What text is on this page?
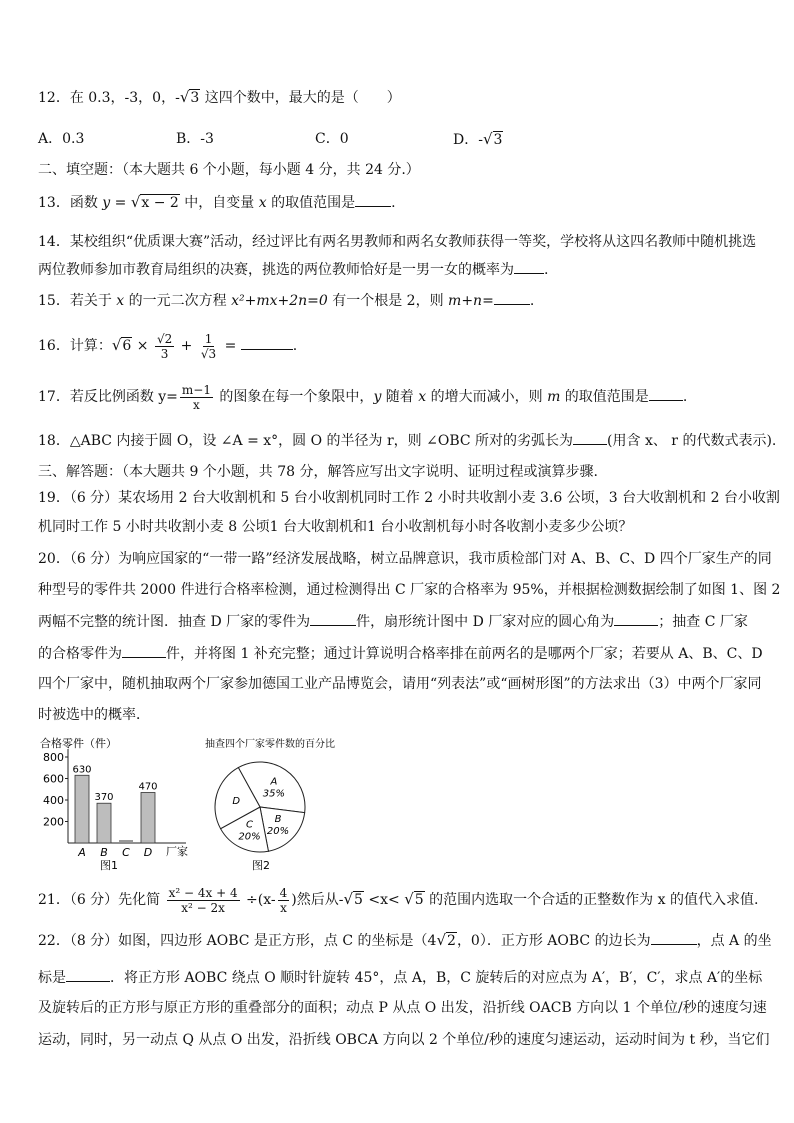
12．在 0.3，-3，0，-√3 这四个数中，最大的是（　　）
A．0.3	B．-3	C．0	D．-√3
二、填空题：（本大题共 6 个小题，每小题 4 分，共 24 分.）
13．函数 y = √x − 2 中，自变量 x 的取值范围是	.
14．某校组织“优质课大赛”活动，经过评比有两名男教师和两名女教师获得一等奖，学校将从这四名教师中随机挑选
两位教师参加市教育局组织的决赛，挑选的两位教师恰好是一男一女的概率为 .
15．若关于 x 的一元二次方程 x²+mx+2n=0 有一个根是 2，则 m+n=	.
16．计算：$√6 \times \frac{√2}{3} + \frac{1}{√3}$ =	.
17．若反比例函数 $y= \frac{m-1}{x}$ 的图象在每一个象限中，y 随着 x 的增大而减小，则 m 的取值范围是 .
18．△ABC 内接于圆 O，设 ∠A = x°，圆 O 的半径为 r，则 ∠OBC 所对的劣弧长为 (用含 x、 r 的代数式表示).
三、解答题：（本大题共 9 个小题，共 78 分，解答应写出文字说明、证明过程或演算步骤.
19．（6 分）某农场用 2 台大收割机和 5 台小收割机同时工作 2 小时共收割小麦 3.6 公顷，3 台大收割机和 2 台小收割
机同时工作 5 小时共收割小麦 8 公顷1 台大收割机和1 台小收割机每小时各收割小麦多少公顷？
20．（6 分）为响应国家的“一带一路”经济发展战略，树立品牌意识，我市质检部门对 A、B、C、D 四个厂家生产的同
种型号的零件共 2000 件进行合格率检测，通过检测得出 C 厂家的合格率为 95%，并根据检测数据绘制了如图 1、图 2
两幅不完整的统计图．抽查 D 厂家的零件为	件，扇形统计图中 D 厂家对应的圆心角为	；抽查 C 厂家
的合格零件为	件，并将图 1 补充完整；通过计算说明合格率排在前两名的是哪两个厂家；若要从 A、B、C、D
四个厂家中，随机抽取两个厂家参加德国工业产品博览会，请用“列表法”或“画树形图”的方法求出（3）中两个厂家同
时被选中的概率．
合格零件（件）
200
400
600
800
630
A
370
B C
470
D 厂家
图1
抽查四个厂家零件数的百分比
A
35%
B
20%
C
20%
D
图2
21．（6 分）先化简 $\frac{\text{x² − 4x + 4}}{\text{x² − 2x}} \div(x- \frac{4}{x}$ )然后从-√5 <x< √5 的范围内选取一个合适的正整数作为 x 的值代入求值.
22．（8 分）如图，四边形 AOBC 是正方形，点 C 的坐标是（4√2，0）．正方形 AOBC 的边长为	，点 A 的坐
标是	．将正方形 AOBC 绕点 O 顺时针旋转 45°，点 A，B，C 旋转后的对应点为 A′，B′，C′，求点 A′的坐标
及旋转后的正方形与原正方形的重叠部分的面积；动点 P 从点 O 出发，沿折线 OACB 方向以 1 个单位/秒的速度匀速
运动，同时，另一动点 Q 从点 O 出发，沿折线 OBCA 方向以 2 个单位/秒的速度匀速运动，运动时间为 t 秒，当它们
